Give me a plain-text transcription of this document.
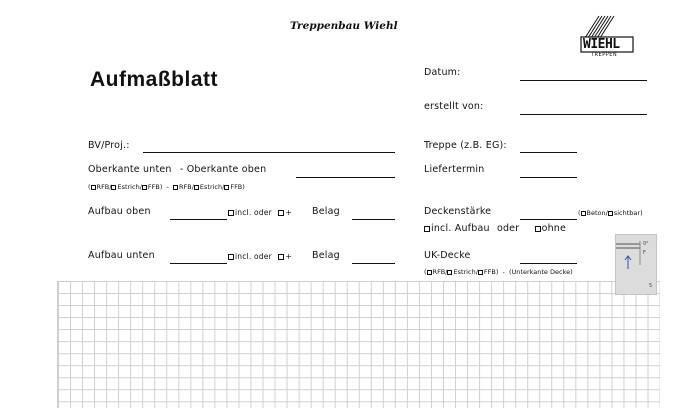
Treppenbau Wiehl
WIEHL
TREPPEN
Aufmaßblatt	Datum:
erstellt von:
Treppe (z.B. EG):
Liefertermin
Deckenstärke	( Beton/ sichtbar)
incl. Aufbau oder ohne
UK-Decke
( RFB/ Estrich/ FFB)  -  (Unterkante Decke)
BV/Proj.:
Oberkante unten - Oberkante oben
( RFB/ Estrich/ FFB)  -  RFB/ Estrich/ FFB)
Aufbau oben	incl. oder + Belag
Aufbau unten	incl. oder + Belag
0°
F
5
